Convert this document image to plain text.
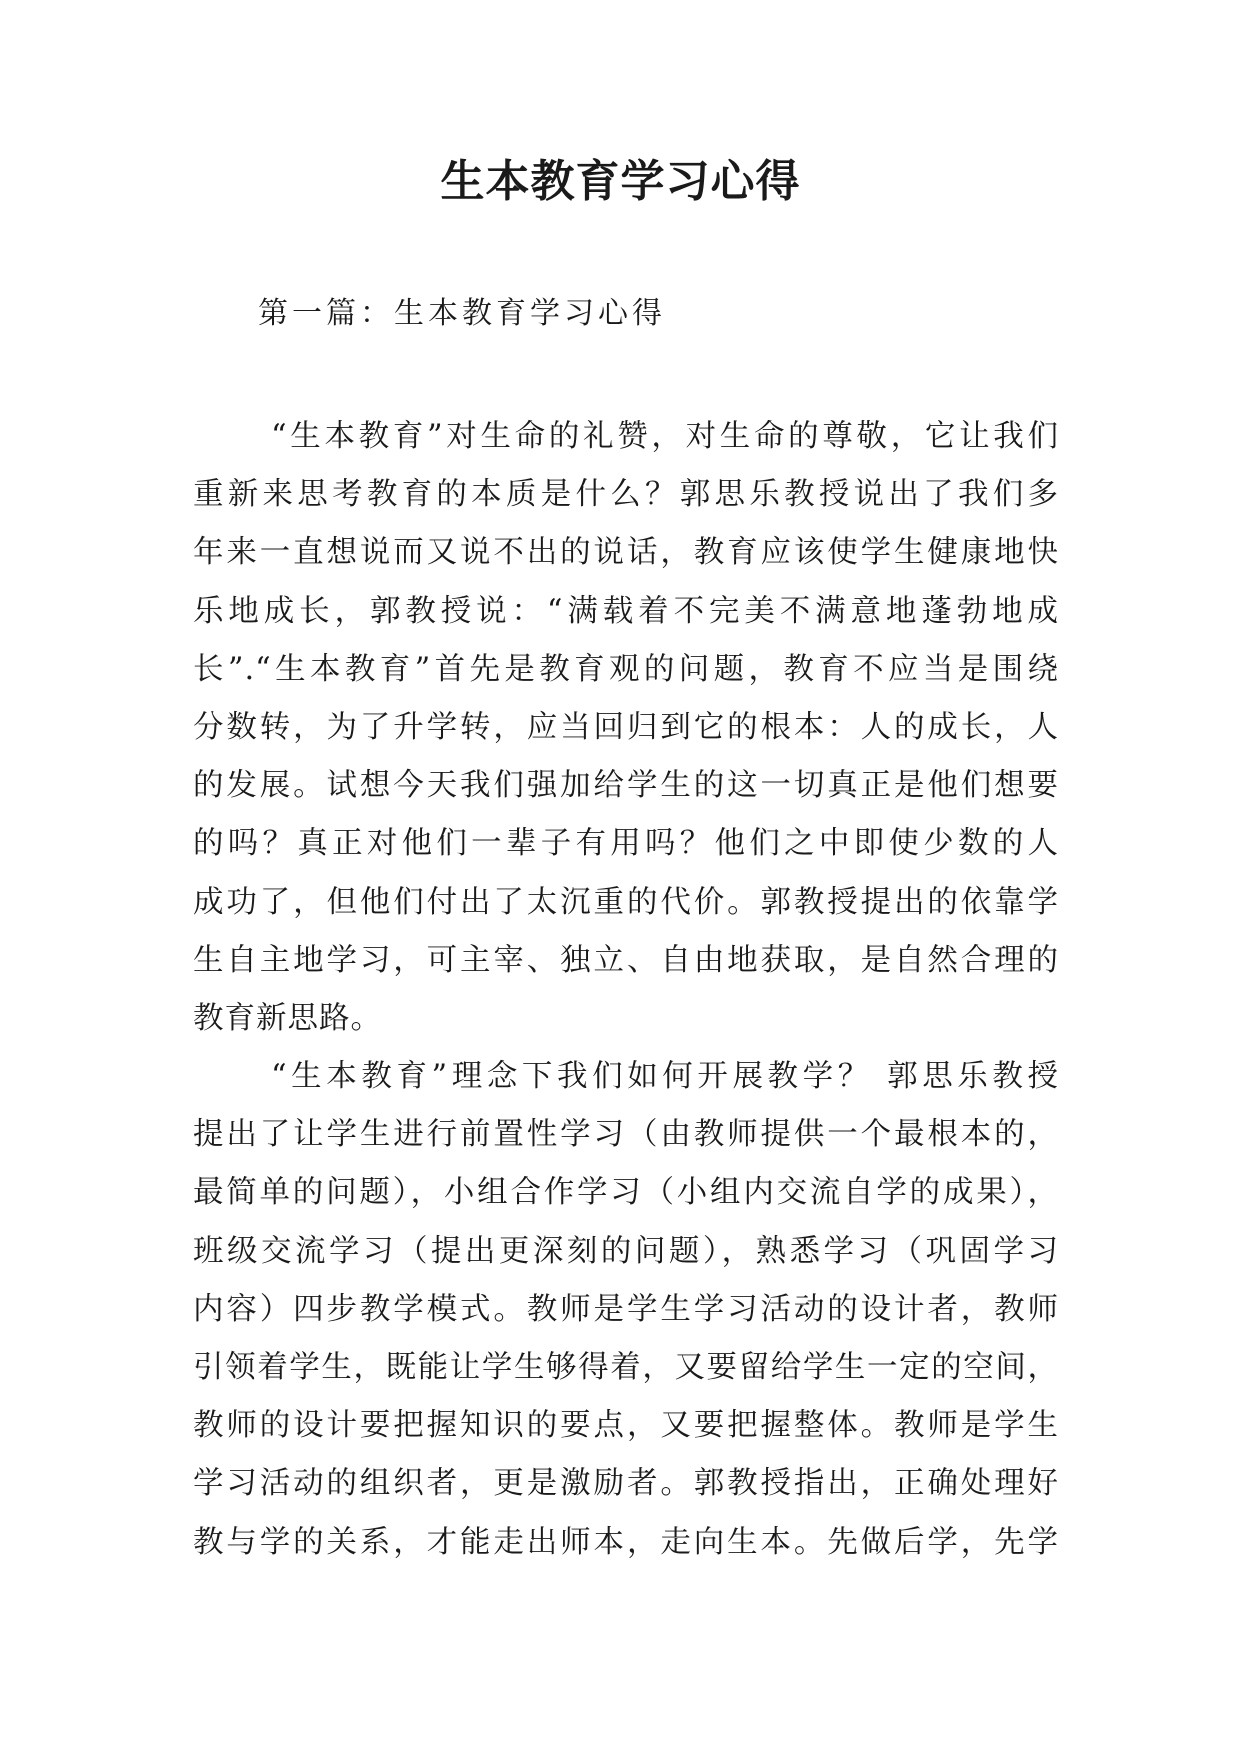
生本教育学习心得
第一篇：生本教育学习心得
“生本教育”对生命的礼赞，对生命的尊敬，它让我们
重新来思考教育的本质是什么？郭思乐教授说出了我们多
年来一直想说而又说不出的说话，教育应该使学生健康地快
乐地成长，郭教授说：“满载着不完美不满意地蓬勃地成
长”.“生本教育”首先是教育观的问题，教育不应当是围绕
分数转，为了升学转，应当回归到它的根本：人的成长，人
的发展。试想今天我们强加给学生的这一切真正是他们想要
的吗？真正对他们一辈子有用吗？他们之中即使少数的人
成功了，但他们付出了太沉重的代价。郭教授提出的依靠学
生自主地学习，可主宰、独立、自由地获取，是自然合理的
教育新思路。
“生本教育”理念下我们如何开展教学？ 郭思乐教授
提出了让学生进行前置性学习（由教师提供一个最根本的，
最简单的问题），小组合作学习（小组内交流自学的成果），
班级交流学习（提出更深刻的问题），熟悉学习（巩固学习
内容）四步教学模式。教师是学生学习活动的设计者，教师
引领着学生，既能让学生够得着，又要留给学生一定的空间，
教师的设计要把握知识的要点，又要把握整体。教师是学生
学习活动的组织者，更是激励者。郭教授指出，正确处理好
教与学的关系，才能走出师本，走向生本。先做后学，先学
